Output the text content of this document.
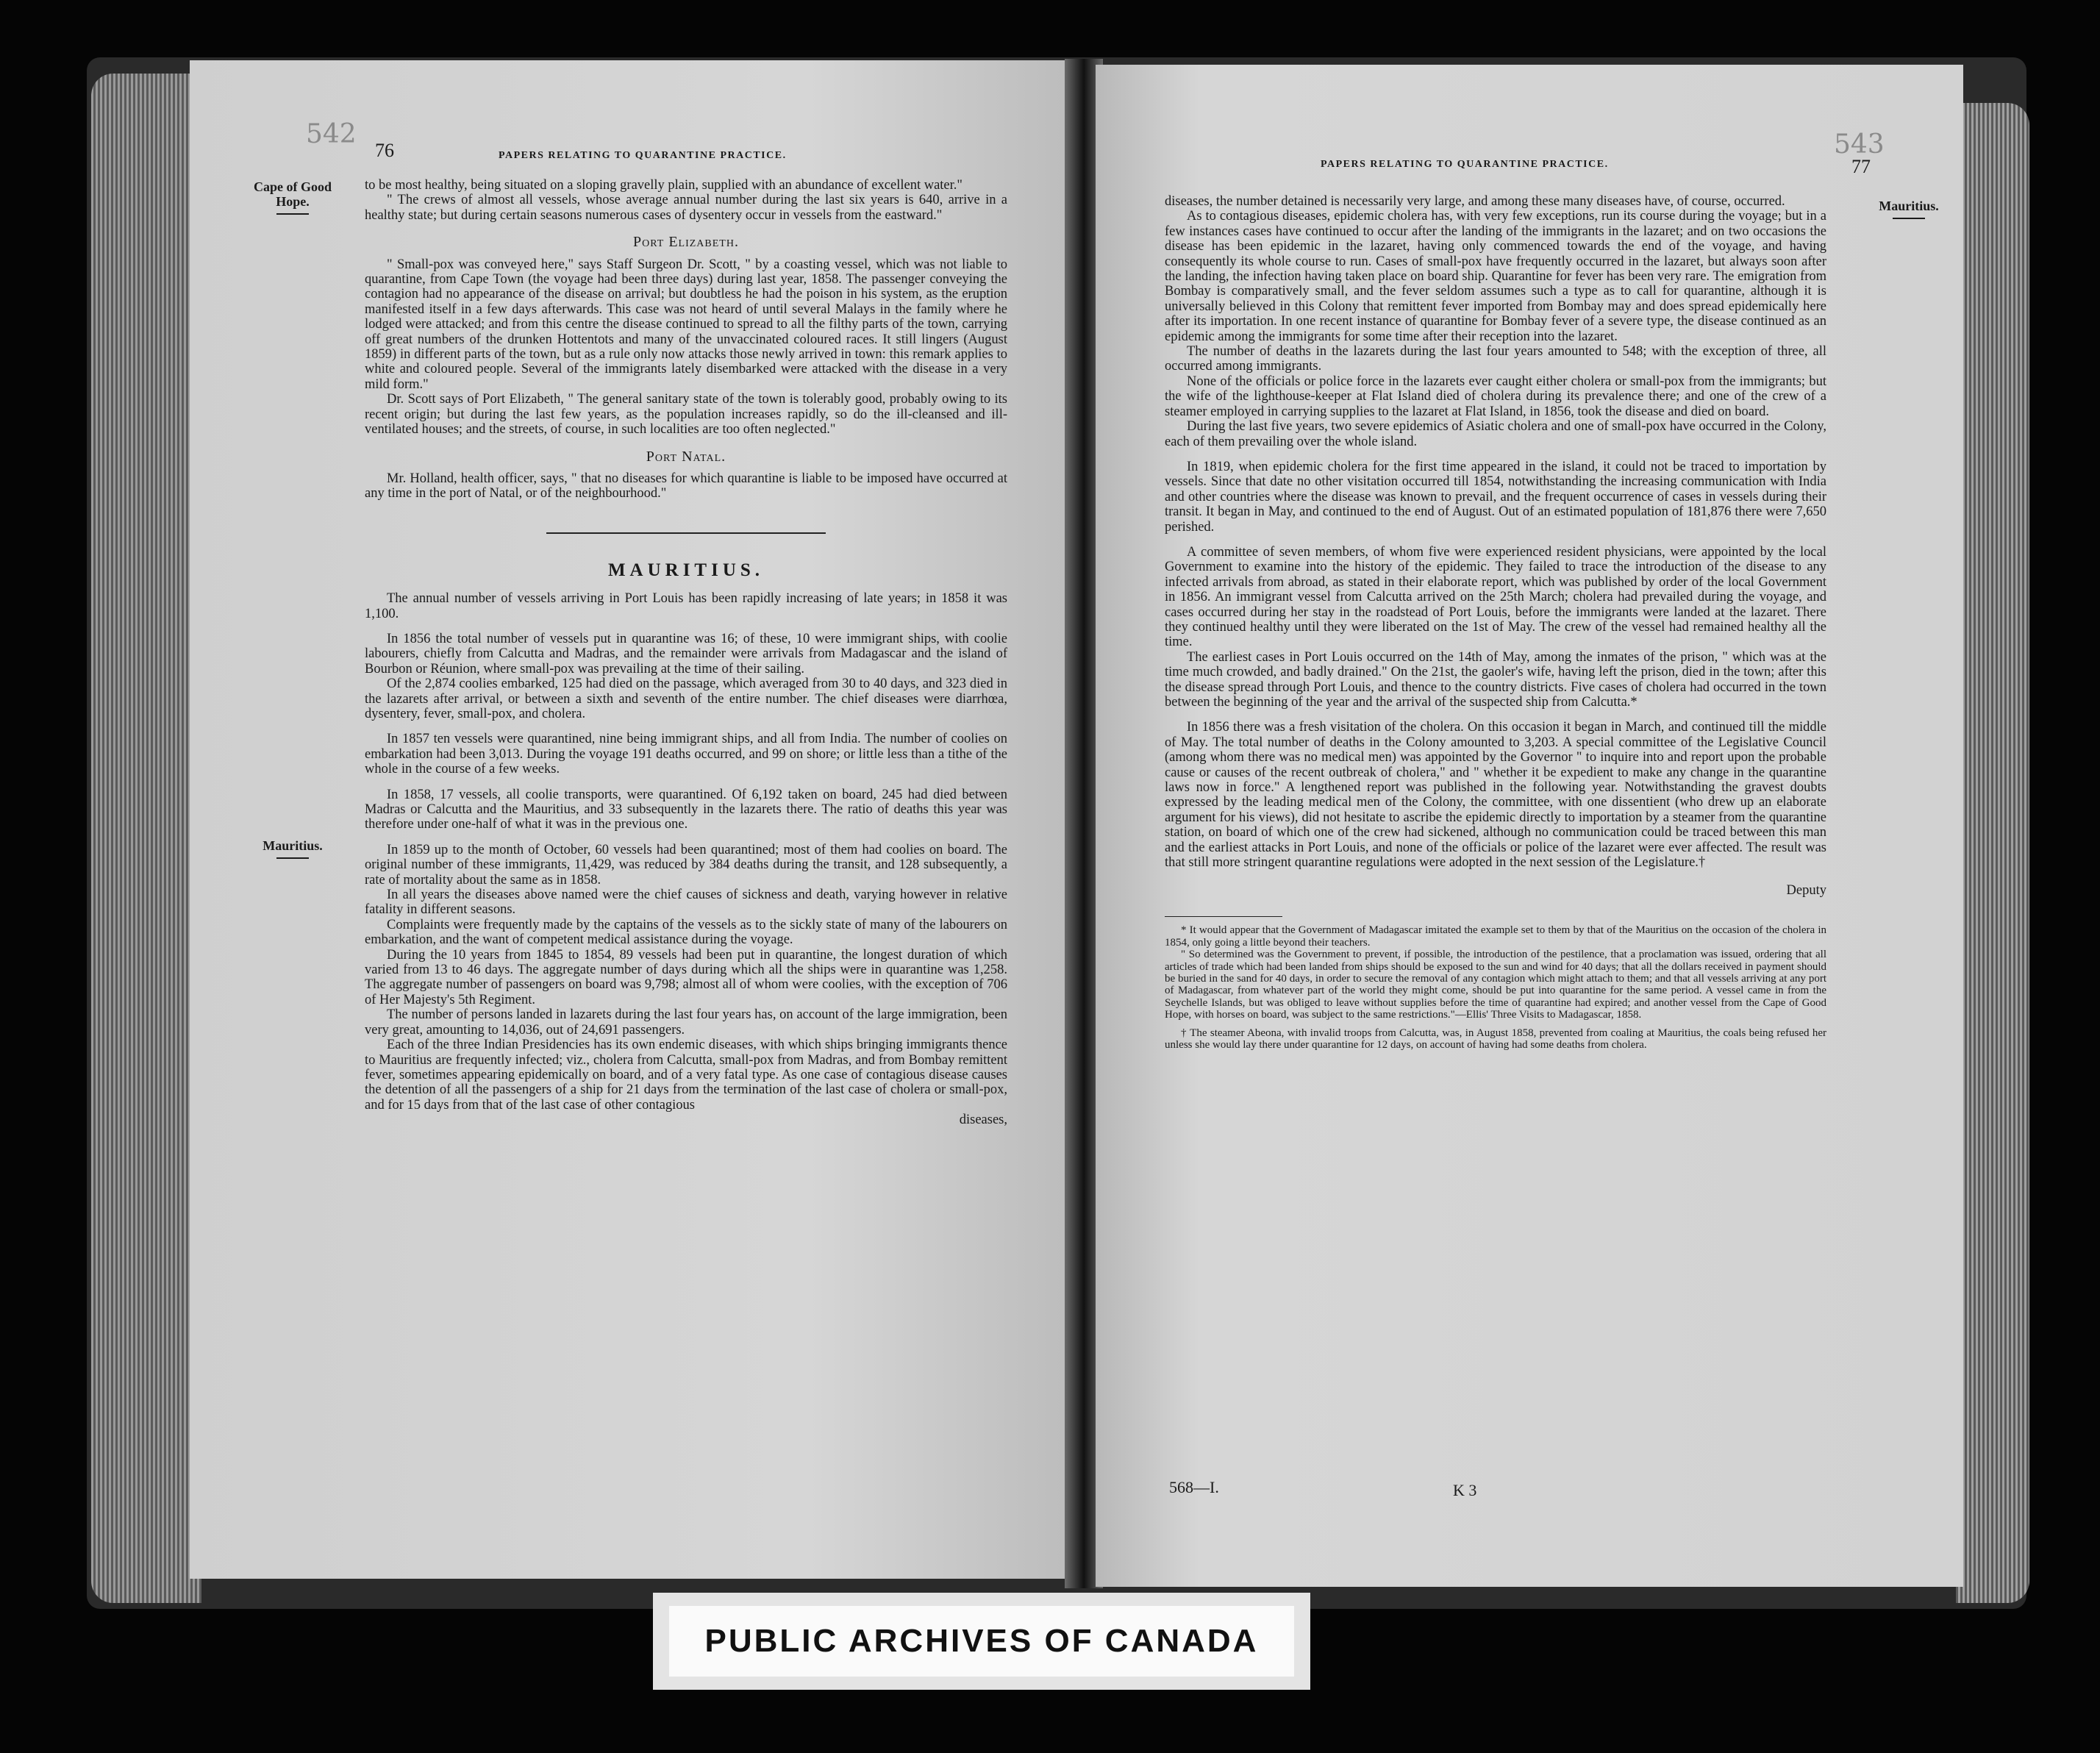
542
76	PAPERS RELATING TO QUARANTINE PRACTICE.
Cape of Good Hope.
Mauritius.

to be most healthy, being situated on a sloping gravelly plain, supplied with an abundance of excellent water."

" The crews of almost all vessels, whose average annual number during the last six years is 640, arrive in a healthy state; but during certain seasons numerous cases of dysentery occur in vessels from the eastward."

Port Elizabeth.

" Small-pox was conveyed here," says Staff Surgeon Dr. Scott, " by a coasting vessel, which was not liable to quarantine, from Cape Town (the voyage had been three days) during last year, 1858. The passenger conveying the contagion had no appearance of the disease on arrival; but doubtless he had the poison in his system, as the eruption manifested itself in a few days afterwards. This case was not heard of until several Malays in the family where he lodged were attacked; and from this centre the disease continued to spread to all the filthy parts of the town, carrying off great numbers of the drunken Hottentots and many of the unvaccinated coloured races. It still lingers (August 1859) in different parts of the town, but as a rule only now attacks those newly arrived in town: this remark applies to white and coloured people. Several of the immigrants lately disembarked were attacked with the disease in a very mild form."

Dr. Scott says of Port Elizabeth, " The general sanitary state of the town is tolerably good, probably owing to its recent origin; but during the last few years, as the population increases rapidly, so do the ill-cleansed and ill-ventilated houses; and the streets, of course, in such localities are too often neglected."

Port Natal.

Mr. Holland, health officer, says, " that no diseases for which quarantine is liable to be imposed have occurred at any time in the port of Natal, or of the neighbourhood."

MAURITIUS.

The annual number of vessels arriving in Port Louis has been rapidly increasing of late years; in 1858 it was 1,100.

In 1856 the total number of vessels put in quarantine was 16; of these, 10 were immigrant ships, with coolie labourers, chiefly from Calcutta and Madras, and the remainder were arrivals from Madagascar and the island of Bourbon or Réunion, where small-pox was prevailing at the time of their sailing.

Of the 2,874 coolies embarked, 125 had died on the passage, which averaged from 30 to 40 days, and 323 died in the lazarets after arrival, or between a sixth and seventh of the entire number. The chief diseases were diarrhœa, dysentery, fever, small-pox, and cholera.

In 1857 ten vessels were quarantined, nine being immigrant ships, and all from India. The number of coolies on embarkation had been 3,013. During the voyage 191 deaths occurred, and 99 on shore; or little less than a tithe of the whole in the course of a few weeks.

In 1858, 17 vessels, all coolie transports, were quarantined. Of 6,192 taken on board, 245 had died between Madras or Calcutta and the Mauritius, and 33 subsequently in the lazarets there. The ratio of deaths this year was therefore under one-half of what it was in the previous one.

In 1859 up to the month of October, 60 vessels had been quarantined; most of them had coolies on board. The original number of these immigrants, 11,429, was reduced by 384 deaths during the transit, and 128 subsequently, a rate of mortality about the same as in 1858.

In all years the diseases above named were the chief causes of sickness and death, varying however in relative fatality in different seasons.

Complaints were frequently made by the captains of the vessels as to the sickly state of many of the labourers on embarkation, and the want of competent medical assistance during the voyage.

During the 10 years from 1845 to 1854, 89 vessels had been put in quarantine, the longest duration of which varied from 13 to 46 days. The aggregate number of days during which all the ships were in quarantine was 1,258. The aggregate number of passengers on board was 9,798; almost all of whom were coolies, with the exception of 706 of Her Majesty's 5th Regiment.

The number of persons landed in lazarets during the last four years has, on account of the large immigration, been very great, amounting to 14,036, out of 24,691 passengers.

Each of the three Indian Presidencies has its own endemic diseases, with which ships bringing immigrants thence to Mauritius are frequently infected; viz., cholera from Calcutta, small-pox from Madras, and from Bombay remittent fever, sometimes appearing epidemically on board, and of a very fatal type. As one case of contagious disease causes the detention of all the passengers of a ship for 21 days from the termination of the last case of cholera or small-pox, and for 15 days from that of the last case of other contagious

diseases,
543
77
PAPERS RELATING TO QUARANTINE PRACTICE.
Mauritius.

diseases, the number detained is necessarily very large, and among these many diseases have, of course, occurred.

As to contagious diseases, epidemic cholera has, with very few exceptions, run its course during the voyage; but in a few instances cases have continued to occur after the landing of the immigrants in the lazaret; and on two occasions the disease has been epidemic in the lazaret, having only commenced towards the end of the voyage, and having consequently its whole course to run. Cases of small-pox have frequently occurred in the lazaret, but always soon after the landing, the infection having taken place on board ship. Quarantine for fever has been very rare. The emigration from Bombay is comparatively small, and the fever seldom assumes such a type as to call for quarantine, although it is universally believed in this Colony that remittent fever imported from Bombay may and does spread epidemically here after its importation. In one recent instance of quarantine for Bombay fever of a severe type, the disease continued as an epidemic among the immigrants for some time after their reception into the lazaret.

The number of deaths in the lazarets during the last four years amounted to 548; with the exception of three, all occurred among immigrants.

None of the officials or police force in the lazarets ever caught either cholera or small-pox from the immigrants; but the wife of the lighthouse-keeper at Flat Island died of cholera during its prevalence there; and one of the crew of a steamer employed in carrying supplies to the lazaret at Flat Island, in 1856, took the disease and died on board.

During the last five years, two severe epidemics of Asiatic cholera and one of small-pox have occurred in the Colony, each of them prevailing over the whole island.

In 1819, when epidemic cholera for the first time appeared in the island, it could not be traced to importation by vessels. Since that date no other visitation occurred till 1854, notwithstanding the increasing communication with India and other countries where the disease was known to prevail, and the frequent occurrence of cases in vessels during their transit. It began in May, and continued to the end of August. Out of an estimated population of 181,876 there were 7,650 perished.

A committee of seven members, of whom five were experienced resident physicians, were appointed by the local Government to examine into the history of the epidemic. They failed to trace the introduction of the disease to any infected arrivals from abroad, as stated in their elaborate report, which was published by order of the local Government in 1856. An immigrant vessel from Calcutta arrived on the 25th March; cholera had prevailed during the voyage, and cases occurred during her stay in the roadstead of Port Louis, before the immigrants were landed at the lazaret. There they continued healthy until they were liberated on the 1st of May. The crew of the vessel had remained healthy all the time.

The earliest cases in Port Louis occurred on the 14th of May, among the inmates of the prison, " which was at the time much crowded, and badly drained." On the 21st, the gaoler's wife, having left the prison, died in the town; after this the disease spread through Port Louis, and thence to the country districts. Five cases of cholera had occurred in the town between the beginning of the year and the arrival of the suspected ship from Calcutta.*

In 1856 there was a fresh visitation of the cholera. On this occasion it began in March, and continued till the middle of May. The total number of deaths in the Colony amounted to 3,203. A special committee of the Legislative Council (among whom there was no medical men) was appointed by the Governor " to inquire into and report upon the probable cause or causes of the recent outbreak of cholera," and " whether it be expedient to make any change in the quarantine laws now in force." A lengthened report was published in the following year. Notwithstanding the gravest doubts expressed by the leading medical men of the Colony, the committee, with one dissentient (who drew up an elaborate argument for his views), did not hesitate to ascribe the epidemic directly to importation by a steamer from the quarantine station, on board of which one of the crew had sickened, although no communication could be traced between this man and the earliest attacks in Port Louis, and none of the officials or police of the lazaret were ever affected. The result was that still more stringent quarantine regulations were adopted in the next session of the Legislature.†

Deputy

* It would appear that the Government of Madagascar imitated the example set to them by that of the Mauritius on the occasion of the cholera in 1854, only going a little beyond their teachers.

" So determined was the Government to prevent, if possible, the introduction of the pestilence, that a proclamation was issued, ordering that all articles of trade which had been landed from ships should be exposed to the sun and wind for 40 days; that all the dollars received in payment should be buried in the sand for 40 days, in order to secure the removal of any contagion which might attach to them; and that all vessels arriving at any port of Madagascar, from whatever part of the world they might come, should be put into quarantine for the same period. A vessel came in from the Seychelle Islands, but was obliged to leave without supplies before the time of quarantine had expired; and another vessel from the Cape of Good Hope, with horses on board, was subject to the same restrictions."—Ellis' Three Visits to Madagascar, 1858.

† The steamer Abeona, with invalid troops from Calcutta, was, in August 1858, prevented from coaling at Mauritius, the coals being refused her unless she would lay there under quarantine for 12 days, on account of having had some deaths from cholera.

568—I.	K 3
PUBLIC ARCHIVES OF CANADA
